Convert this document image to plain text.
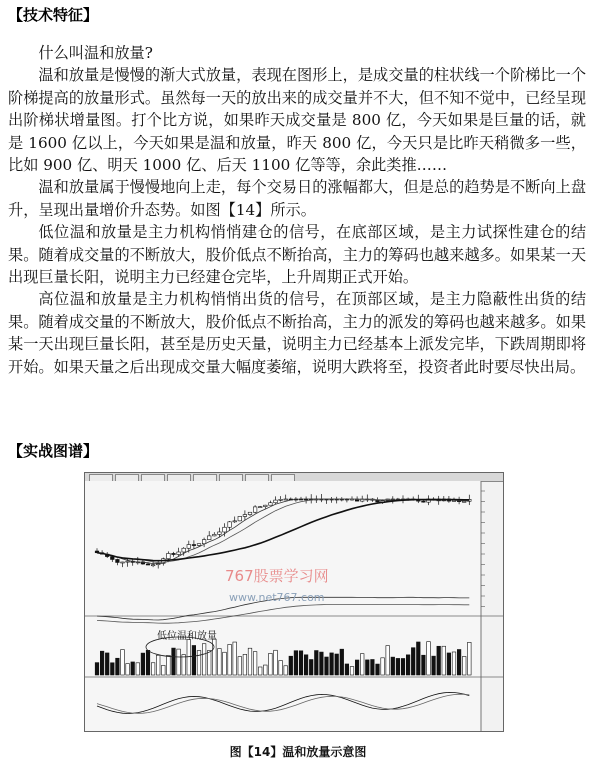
【技术特征】

什么叫温和放量?

温和放量是慢慢的渐大式放量，表现在图形上，是成交量的柱状线一个阶梯比一个阶梯提高的放量形式。虽然每一天的放出来的成交量并不大，但不知不觉中，已经呈现出阶梯状增量图。打个比方说，如果昨天成交量是 800 亿，今天如果是巨量的话，就是 1600 亿以上，今天如果是温和放量，昨天 800 亿，今天只是比昨天稍微多一些，比如 900 亿、明天 1000 亿、后天 1100 亿等等，余此类推……

温和放量属于慢慢地向上走，每个交易日的涨幅都大，但是总的趋势是不断向上盘升，呈现出量增价升态势。如图【14】所示。

低位温和放量是主力机构悄悄建仓的信号，在底部区域，是主力试探性建仓的结果。随着成交量的不断放大，股价低点不断抬高，主力的筹码也越来越多。如果某一天出现巨量长阳，说明主力已经建仓完毕，上升周期正式开始。

高位温和放量是主力机构悄悄出货的信号，在顶部区域，是主力隐蔽性出货的结果。随着成交量的不断放大，股价低点不断抬高，主力的派发的筹码也越来越多。如果某一天出现巨量长阳，甚至是历史天量，说明主力已经基本上派发完毕，下跌周期即将开始。如果天量之后出现成交量大幅度萎缩，说明大跌将至，投资者此时要尽快出局。

【实战图谱】
767股票学习网
www.net767.com
低位温和放量
图【14】温和放量示意图
